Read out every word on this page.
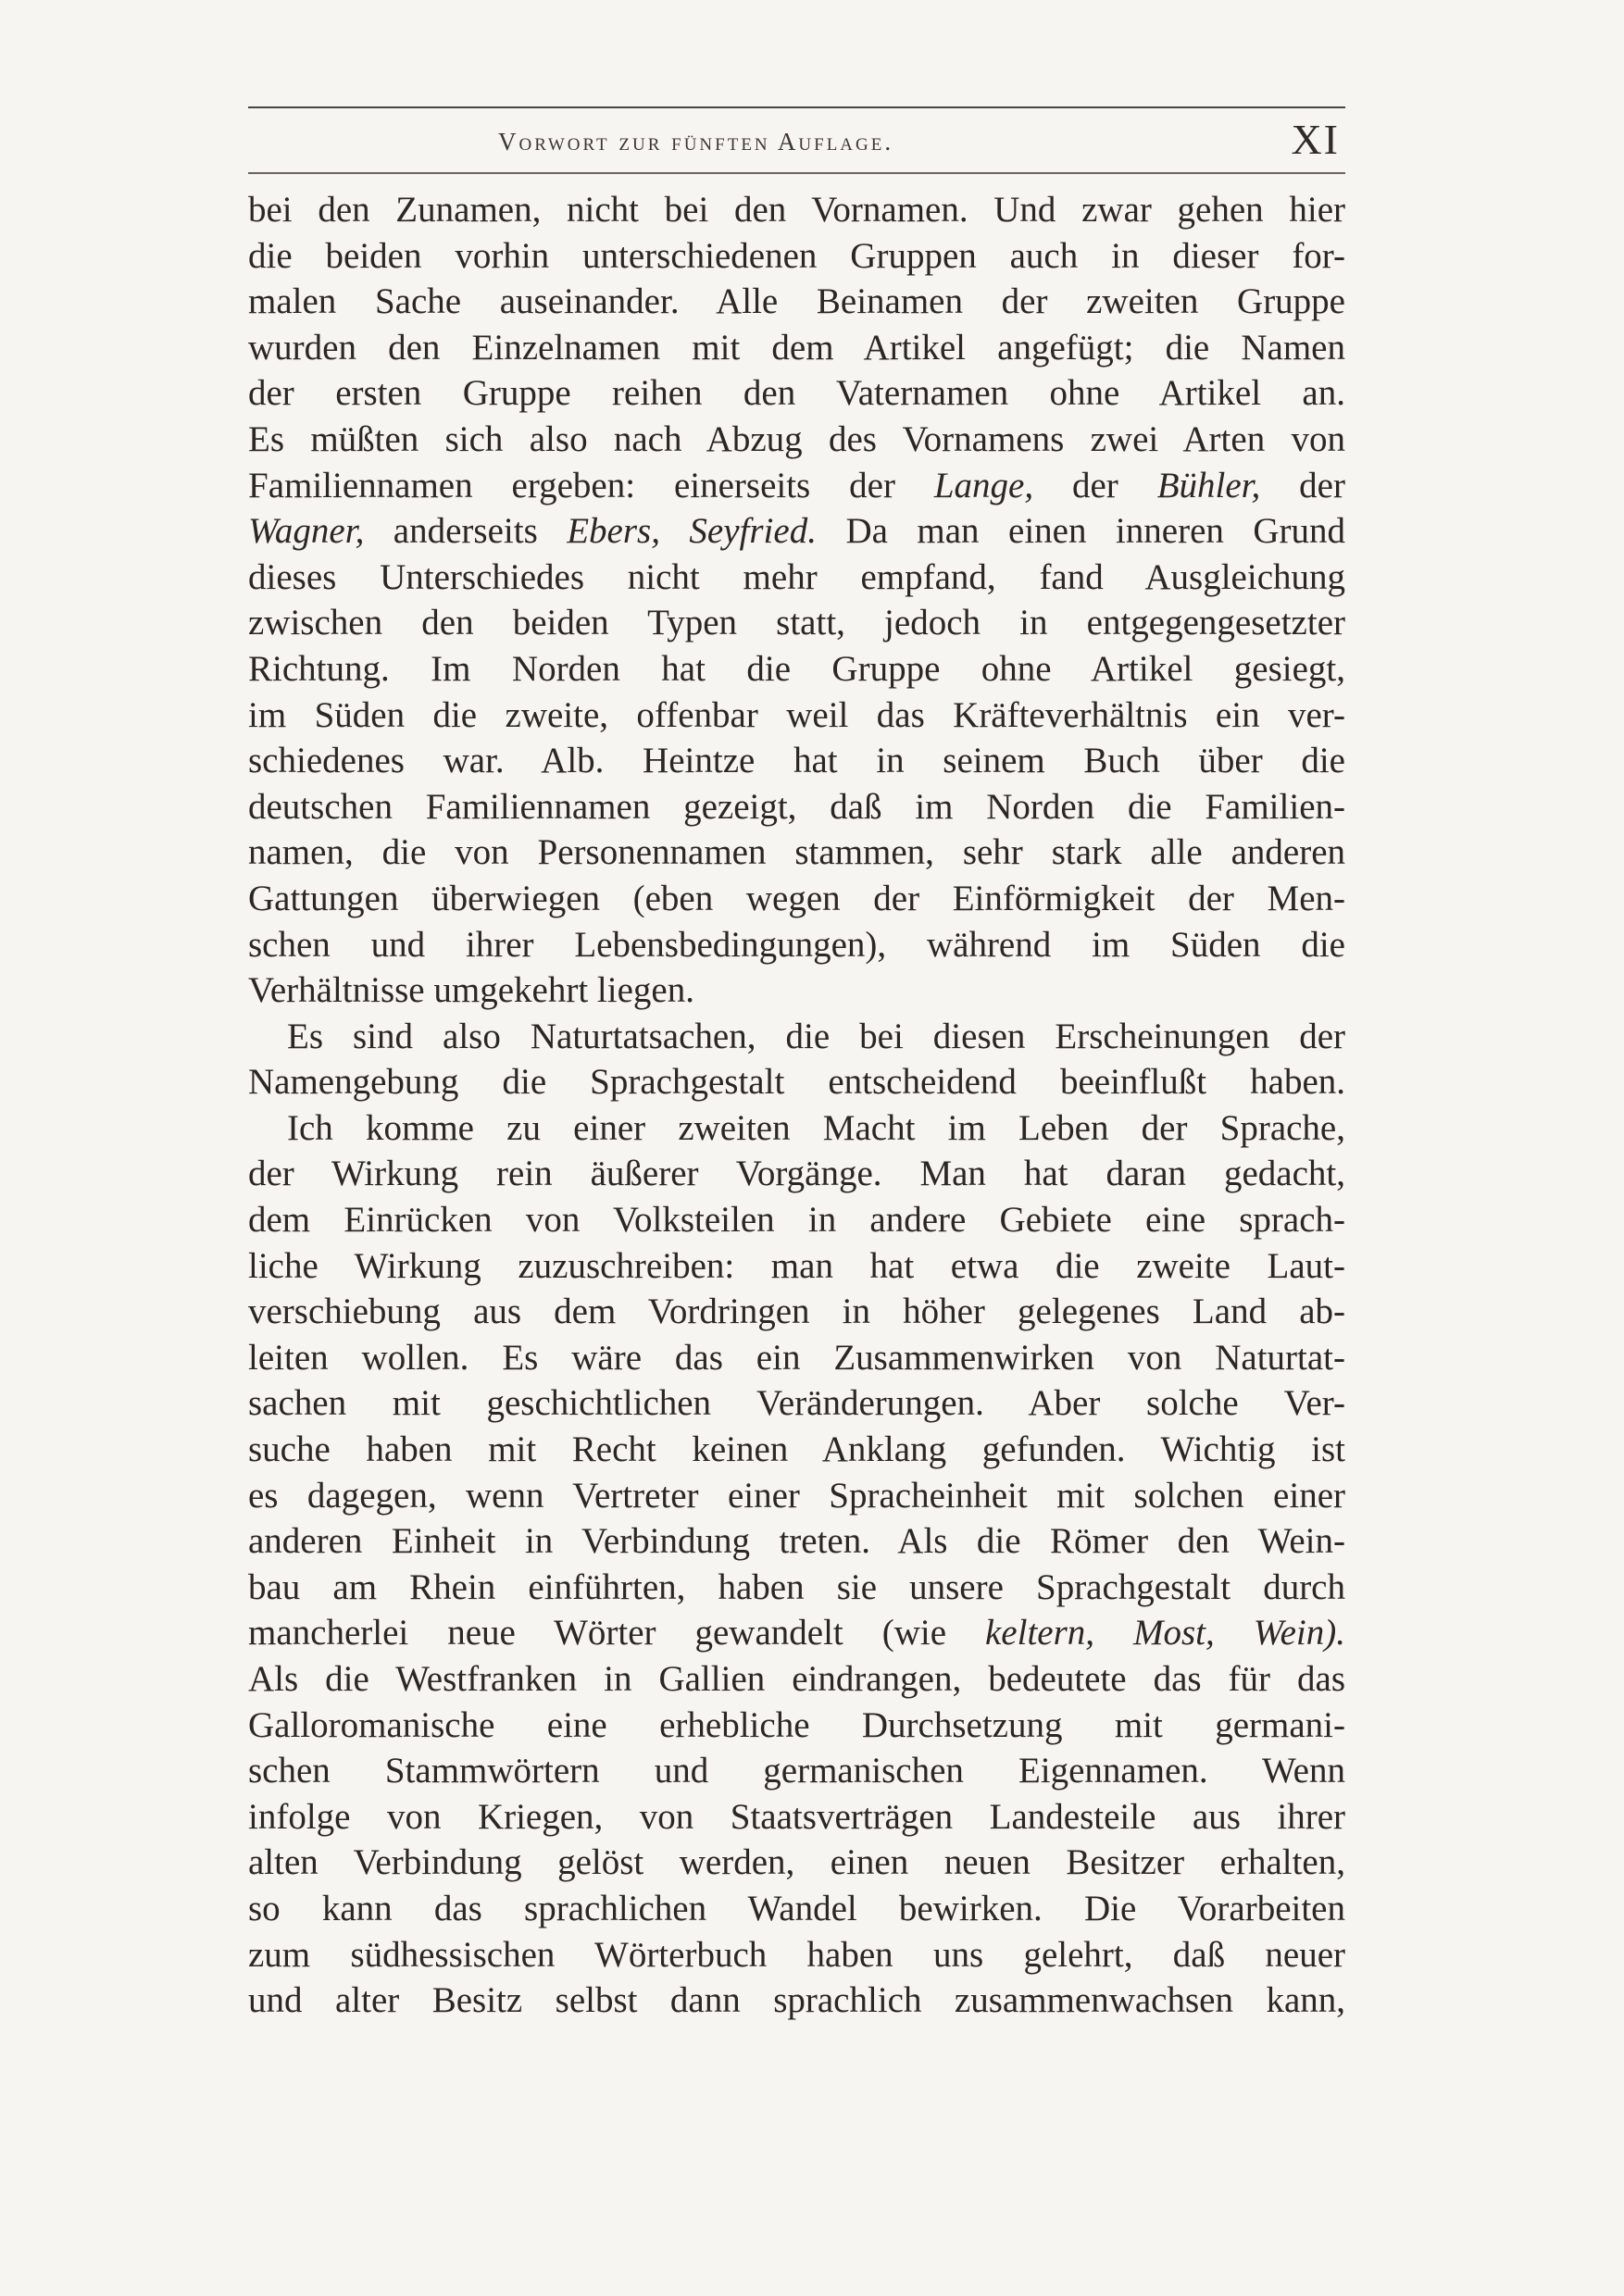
Vorwort zur fünften Auflage.	XI
bei den Zunamen, nicht bei den Vornamen. Und zwar gehen hier
die beiden vorhin unterschiedenen Gruppen auch in dieser for-
malen Sache auseinander. Alle Beinamen der zweiten Gruppe
wurden den Einzelnamen mit dem Artikel angefügt; die Namen
der ersten Gruppe reihen den Vaternamen ohne Artikel an.
Es müßten sich also nach Abzug des Vornamens zwei Arten von
Familiennamen ergeben: einerseits der Lange, der Bühler, der
Wagner, anderseits Ebers, Seyfried. Da man einen inneren Grund
dieses Unterschiedes nicht mehr empfand, fand Ausgleichung
zwischen den beiden Typen statt, jedoch in entgegengesetzter
Richtung. Im Norden hat die Gruppe ohne Artikel gesiegt,
im Süden die zweite, offenbar weil das Kräfteverhältnis ein ver-
schiedenes war. Alb. Heintze hat in seinem Buch über die
deutschen Familiennamen gezeigt, daß im Norden die Familien-
namen, die von Personennamen stammen, sehr stark alle anderen
Gattungen überwiegen (eben wegen der Einförmigkeit der Men-
schen und ihrer Lebensbedingungen), während im Süden die
Verhältnisse umgekehrt liegen.
Es sind also Naturtatsachen, die bei diesen Erscheinungen der
Namengebung die Sprachgestalt entscheidend beeinflußt haben.
Ich komme zu einer zweiten Macht im Leben der Sprache,
der Wirkung rein äußerer Vorgänge. Man hat daran gedacht,
dem Einrücken von Volksteilen in andere Gebiete eine sprach-
liche Wirkung zuzuschreiben: man hat etwa die zweite Laut-
verschiebung aus dem Vordringen in höher gelegenes Land ab-
leiten wollen. Es wäre das ein Zusammenwirken von Naturtat-
sachen mit geschichtlichen Veränderungen. Aber solche Ver-
suche haben mit Recht keinen Anklang gefunden. Wichtig ist
es dagegen, wenn Vertreter einer Spracheinheit mit solchen einer
anderen Einheit in Verbindung treten. Als die Römer den Wein-
bau am Rhein einführten, haben sie unsere Sprachgestalt durch
mancherlei neue Wörter gewandelt (wie keltern, Most, Wein).
Als die Westfranken in Gallien eindrangen, bedeutete das für das
Galloromanische eine erhebliche Durchsetzung mit germani-
schen Stammwörtern und germanischen Eigennamen. Wenn
infolge von Kriegen, von Staatsverträgen Landesteile aus ihrer
alten Verbindung gelöst werden, einen neuen Besitzer erhalten,
so kann das sprachlichen Wandel bewirken. Die Vorarbeiten
zum südhessischen Wörterbuch haben uns gelehrt, daß neuer
und alter Besitz selbst dann sprachlich zusammenwachsen kann,
